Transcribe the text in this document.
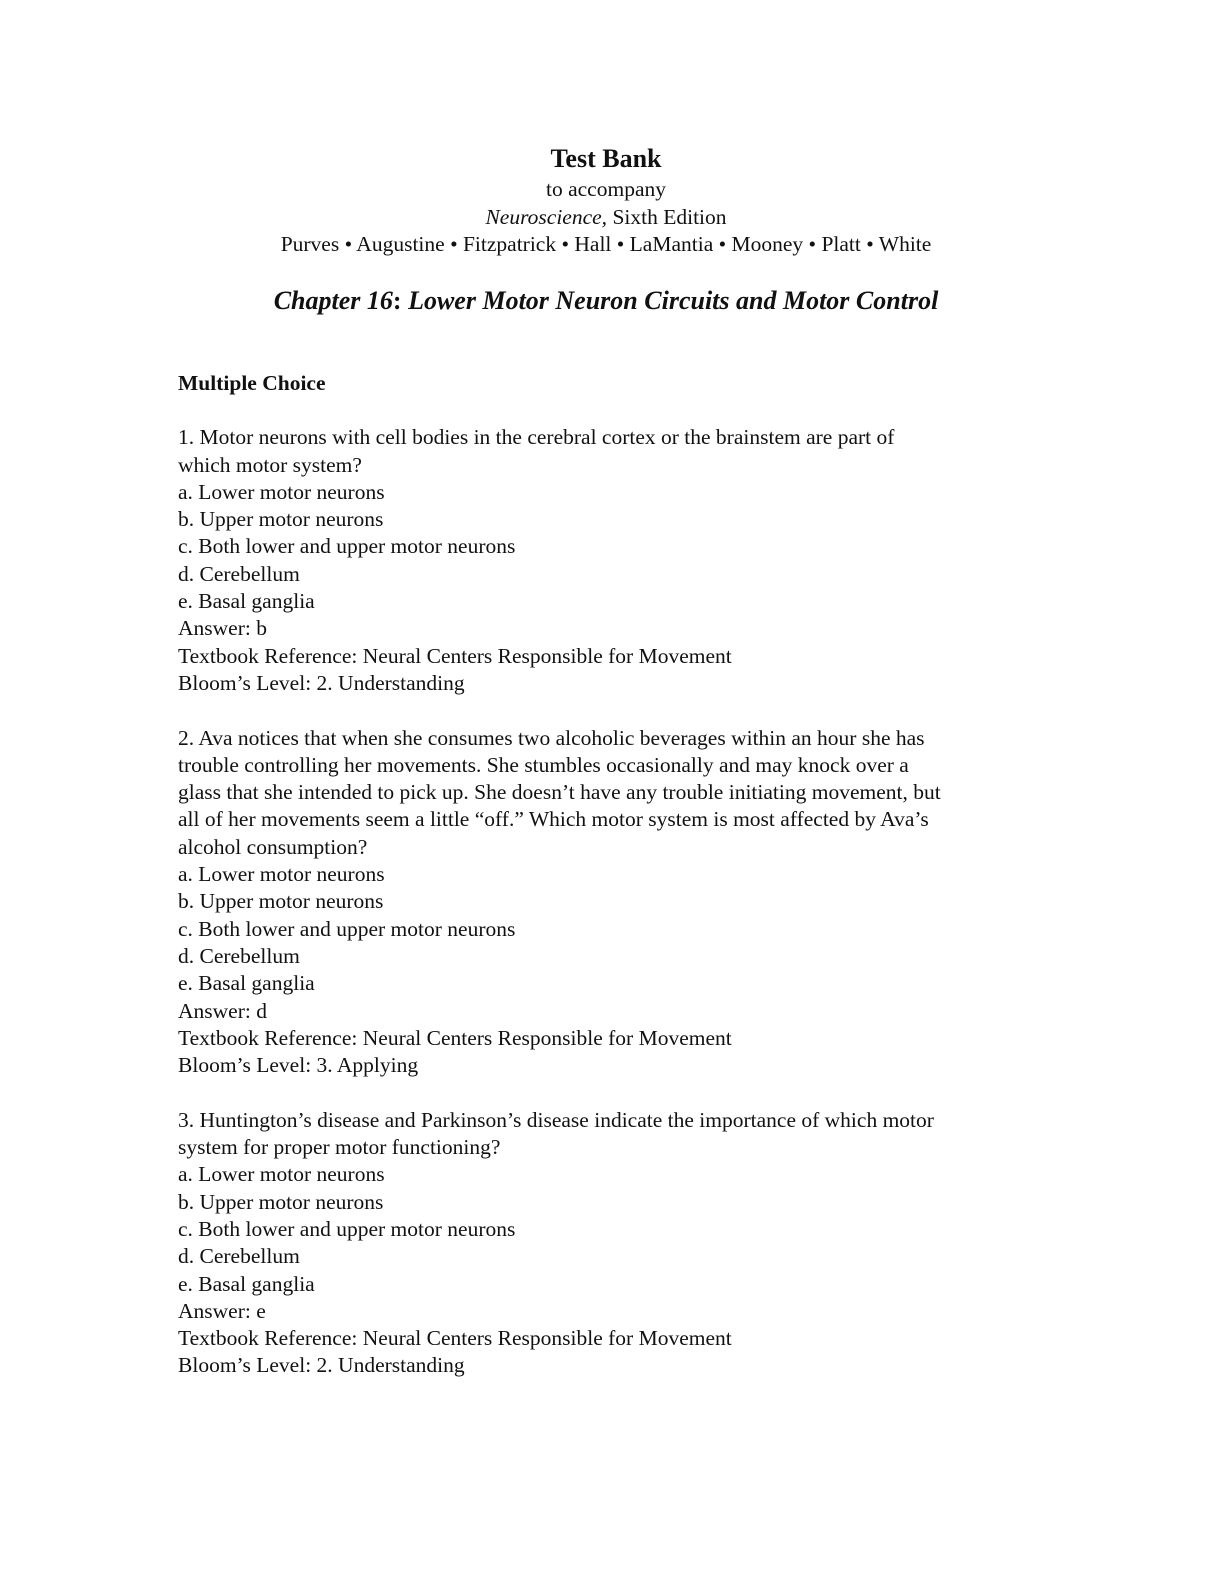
Test Bank
to accompany
Neuroscience, Sixth Edition
Purves • Augustine • Fitzpatrick • Hall • LaMantia • Mooney • Platt • White
Chapter 16: Lower Motor Neuron Circuits and Motor Control
Multiple Choice
1. Motor neurons with cell bodies in the cerebral cortex or the brainstem are part of
which motor system?
a. Lower motor neurons
b. Upper motor neurons
c. Both lower and upper motor neurons
d. Cerebellum
e. Basal ganglia
Answer: b
Textbook Reference: Neural Centers Responsible for Movement
Bloom’s Level: 2. Understanding
2. Ava notices that when she consumes two alcoholic beverages within an hour she has
trouble controlling her movements. She stumbles occasionally and may knock over a
glass that she intended to pick up. She doesn’t have any trouble initiating movement, but
all of her movements seem a little “off.” Which motor system is most affected by Ava’s
alcohol consumption?
a. Lower motor neurons
b. Upper motor neurons
c. Both lower and upper motor neurons
d. Cerebellum
e. Basal ganglia
Answer: d
Textbook Reference: Neural Centers Responsible for Movement
Bloom’s Level: 3. Applying
3. Huntington’s disease and Parkinson’s disease indicate the importance of which motor
system for proper motor functioning?
a. Lower motor neurons
b. Upper motor neurons
c. Both lower and upper motor neurons
d. Cerebellum
e. Basal ganglia
Answer: e
Textbook Reference: Neural Centers Responsible for Movement
Bloom’s Level: 2. Understanding
